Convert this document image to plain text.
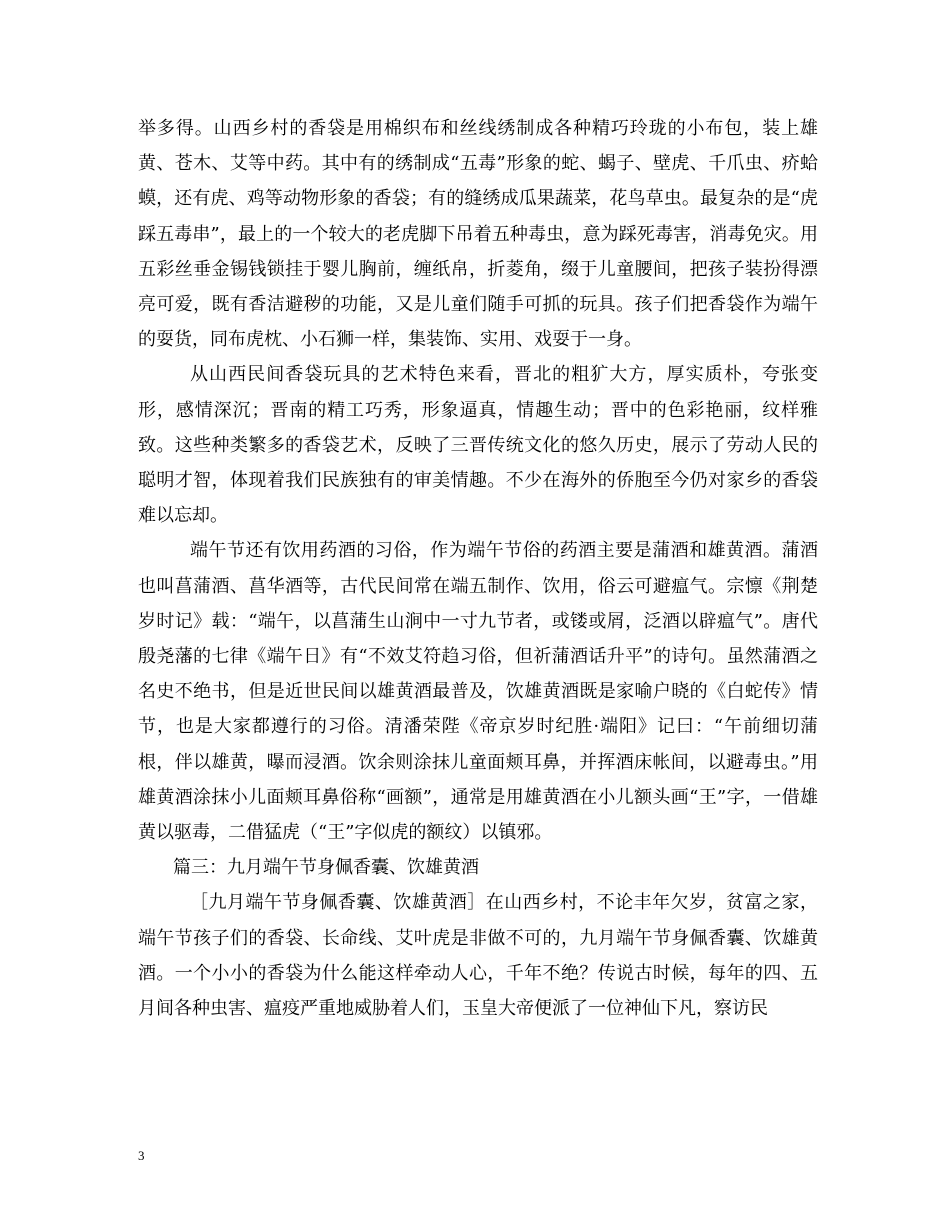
举多得。山西乡村的香袋是用棉织布和丝线绣制成各种精巧玲珑的小布包，装上雄黄、苍木、艾等中药。其中有的绣制成“五毒”形象的蛇、蝎子、壁虎、千爪虫、疥蛤蟆，还有虎、鸡等动物形象的香袋；有的缝绣成瓜果蔬菜，花鸟草虫。最复杂的是“虎踩五毒串”，最上的一个较大的老虎脚下吊着五种毒虫，意为踩死毒害，消毒免灾。用五彩丝垂金锡钱锁挂于婴儿胸前，缠纸帛，折菱角，缀于儿童腰间，把孩子装扮得漂亮可爱，既有香洁避秽的功能，又是儿童们随手可抓的玩具。孩子们把香袋作为端午的耍货，同布虎枕、小石狮一样，集装饰、实用、戏耍于一身。

从山西民间香袋玩具的艺术特色来看，晋北的粗犷大方，厚实质朴，夸张变形，感情深沉；晋南的精工巧秀，形象逼真，情趣生动；晋中的色彩艳丽，纹样雅致。这些种类繁多的香袋艺术，反映了三晋传统文化的悠久历史，展示了劳动人民的聪明才智，体现着我们民族独有的审美情趣。不少在海外的侨胞至今仍对家乡的香袋难以忘却。

端午节还有饮用药酒的习俗，作为端午节俗的药酒主要是蒲酒和雄黄酒。蒲酒也叫菖蒲酒、菖华酒等，古代民间常在端五制作、饮用，俗云可避瘟气。宗懔《荆楚岁时记》载：“端午，以菖蒲生山涧中一寸九节者，或镂或屑，泛酒以辟瘟气”。唐代殷尧藩的七律《端午日》有“不效艾符趋习俗，但祈蒲酒话升平”的诗句。虽然蒲酒之名史不绝书，但是近世民间以雄黄酒最普及，饮雄黄酒既是家喻户晓的《白蛇传》情节，也是大家都遵行的习俗。清潘荣陛《帝京岁时纪胜·端阳》记曰：“午前细切蒲根，伴以雄黄，曝而浸酒。饮余则涂抹儿童面颊耳鼻，并挥酒床帐间，以避毒虫。”用雄黄酒涂抹小儿面颊耳鼻俗称“画额”，通常是用雄黄酒在小儿额头画“王”字，一借雄黄以驱毒，二借猛虎（“王”字似虎的额纹）以镇邪。

篇三：九月端午节身佩香囊、饮雄黄酒

［九月端午节身佩香囊、饮雄黄酒］在山西乡村，不论丰年欠岁，贫富之家，端午节孩子们的香袋、长命线、艾叶虎是非做不可的，九月端午节身佩香囊、饮雄黄酒。一个小小的香袋为什么能这样牵动人心，千年不绝？传说古时候，每年的四、五月间各种虫害、瘟疫严重地威胁着人们，玉皇大帝便派了一位神仙下凡，察访民

3
